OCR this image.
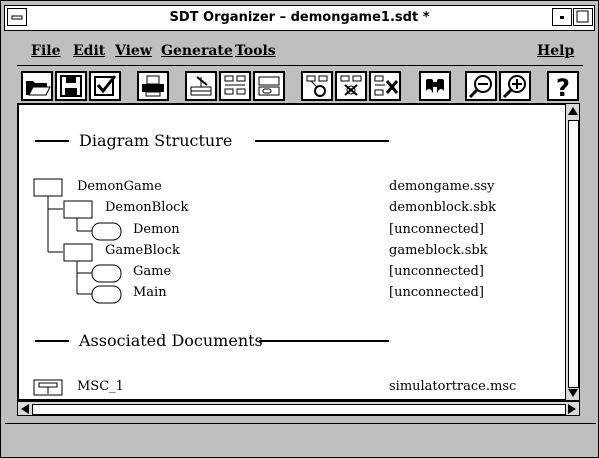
SDT Organizer – demongame1.sdt *
File Edit View Generate Tools	Help
?
Diagram Structure
DemonGame	demongame.ssy
DemonBlock	demonblock.sbk
Demon	[unconnected]
GameBlock	gameblock.sbk
Game	[unconnected]
Main	[unconnected]
Associated Documents
MSC_1	simulatortrace.msc
